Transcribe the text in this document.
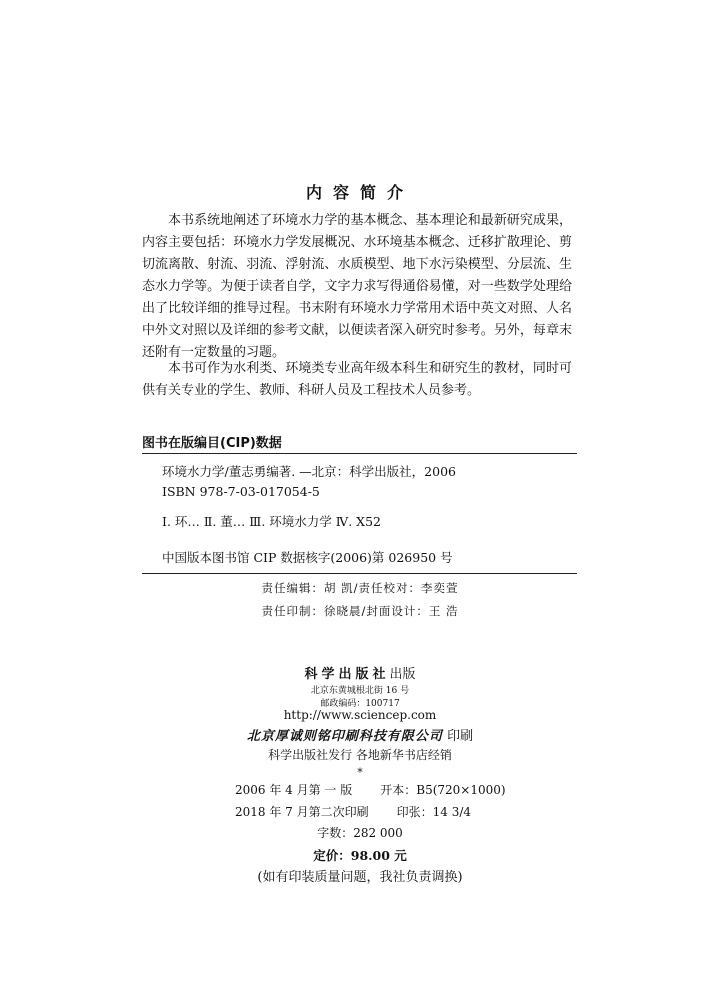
内容简介

本书系统地阐述了环境水力学的基本概念、基本理论和最新研究成果，内容主要包括：环境水力学发展概况、水环境基本概念、迁移扩散理论、剪切流离散、射流、羽流、浮射流、水质模型、地下水污染模型、分层流、生态水力学等。为便于读者自学，文字力求写得通俗易懂，对一些数学处理给出了比较详细的推导过程。书末附有环境水力学常用术语中英文对照、人名中外文对照以及详细的参考文献，以便读者深入研究时参考。另外，每章末还附有一定数量的习题。

本书可作为水利类、环境类专业高年级本科生和研究生的教材，同时可供有关专业的学生、教师、科研人员及工程技术人员参考。

图书在版编目(CIP)数据
环境水力学/董志勇编著. —北京：科学出版社，2006
ISBN 978-7-03-017054-5
Ⅰ. 环… Ⅱ. 董… Ⅲ. 环境水力学 Ⅳ. X52
中国版本图书馆 CIP 数据核字(2006)第 026950 号
责任编辑：胡 凯/责任校对：李奕萱
责任印制：徐晓晨/封面设计：王 浩
科学出版社出版
北京东黄城根北街 16 号
邮政编码：100717
http://www.sciencep.com
北京厚诚则铭印刷科技有限公司 印刷
科学出版社发行 各地新华书店经销
*
2006 年 4 月第 一 版 开本：B5(720×1000)
2018 年 7 月第二次印刷 印张：14 3/4
字数：282 000
定价：98.00 元
(如有印装质量问题，我社负责调换)
